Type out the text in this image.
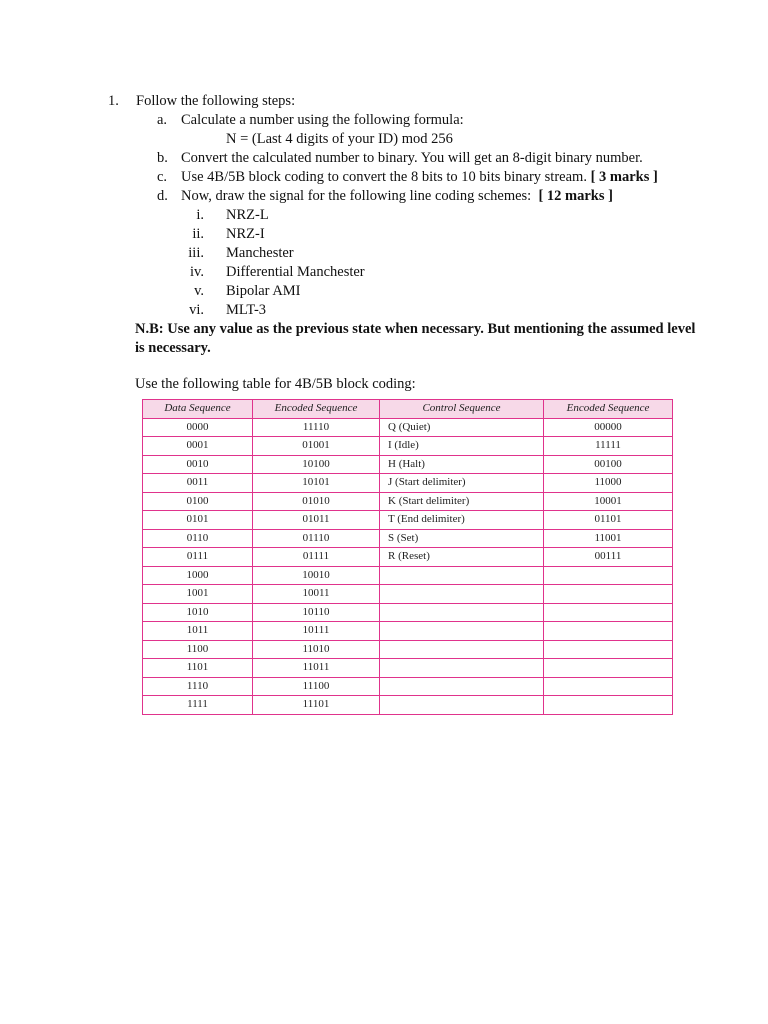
1. Follow the following steps:
a. Calculate a number using the following formula:
N = (Last 4 digits of your ID) mod 256
b. Convert the calculated number to binary. You will get an 8-digit binary number.
c. Use 4B/5B block coding to convert the 8 bits to 10 bits binary stream. [ 3 marks ]
d. Now, draw the signal for the following line coding schemes: [ 12 marks ]
i. NRZ-L
ii. NRZ-I
iii. Manchester
iv. Differential Manchester
v. Bipolar AMI
vi. MLT-3
N.B: Use any value as the previous state when necessary. But mentioning the assumed level
is necessary.
Use the following table for 4B/5B block coding:
Data Sequence	Encoded Sequence	Control Sequence	Encoded Sequence
0000	11110	Q (Quiet)	00000
0001	01001	I (Idle)	11111
0010	10100	H (Halt)	00100
0011	10101	J (Start delimiter)	11000
0100	01010	K (Start delimiter)	10001
0101	01011	T (End delimiter)	01101
0110	01110	S (Set)	11001
0111	01111	R (Reset)	00111
1000	10010		
1001	10011		
1010	10110		
1011	10111		
1100	11010		
1101	11011		
1110	11100		
1111	11101		
